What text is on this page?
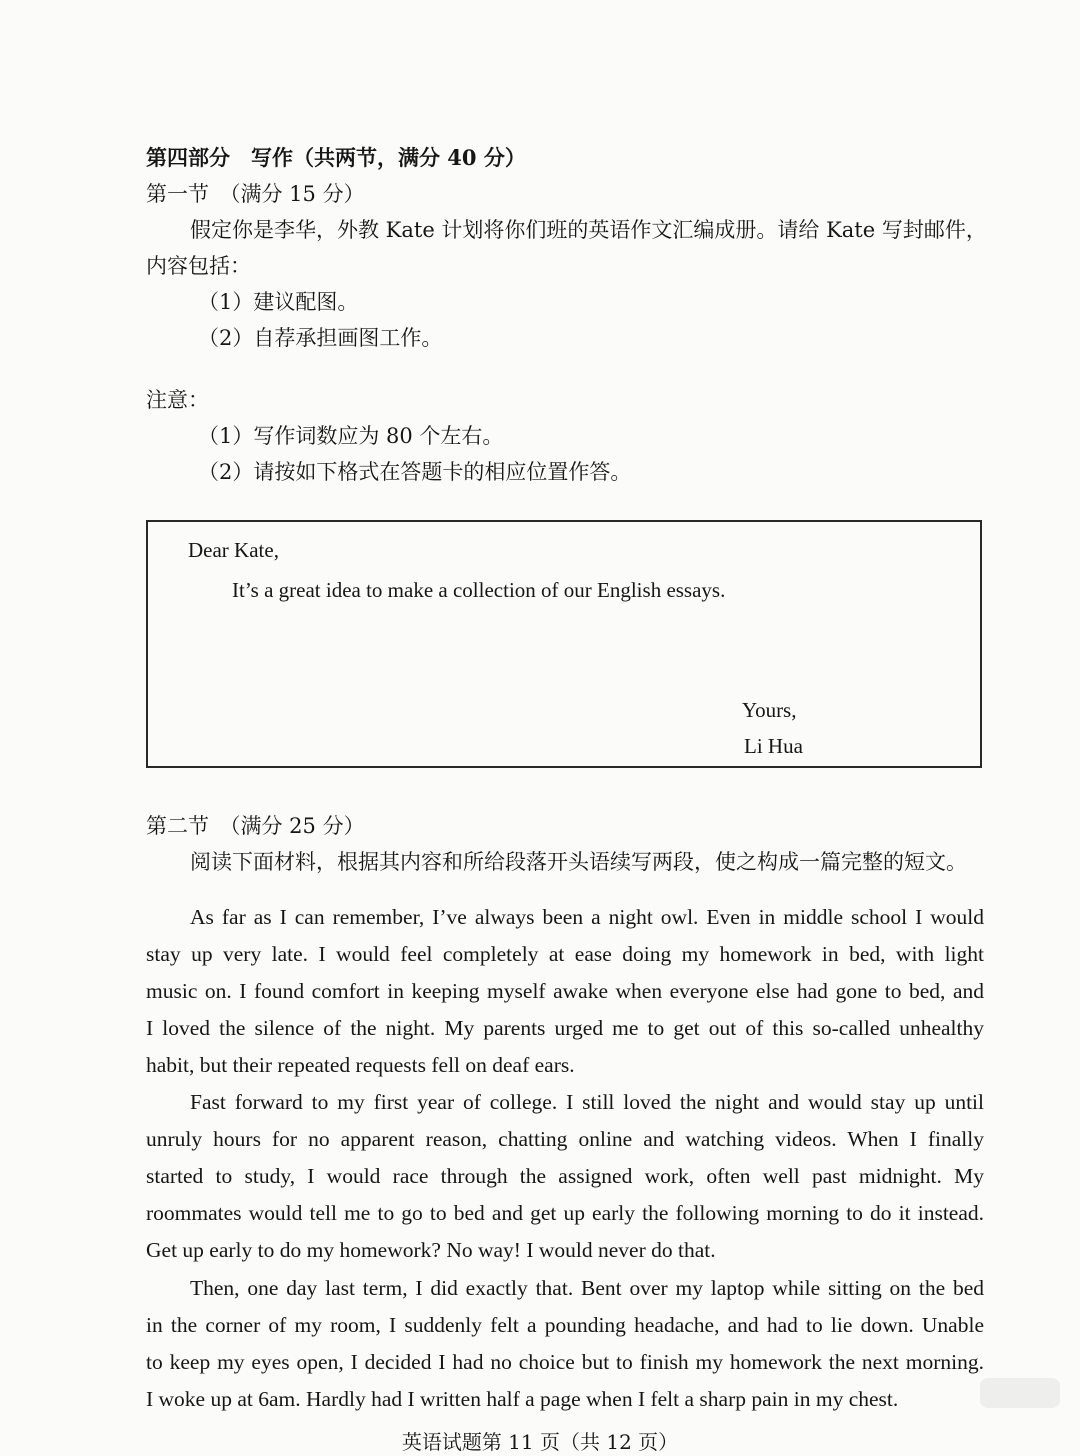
第四部分　写作（共两节，满分 40 分）
第一节　（满分 15 分）
假定你是李华，外教 Kate 计划将你们班的英语作文汇编成册。请给 Kate 写封邮件，
内容包括：
（1）建议配图。
（2）自荐承担画图工作。
注意：
（1）写作词数应为 80 个左右。
（2）请按如下格式在答题卡的相应位置作答。
Dear Kate,
It’s a great idea to make a collection of our English essays.
Yours,
Li Hua
第二节　（满分 25 分）
阅读下面材料，根据其内容和所给段落开头语续写两段，使之构成一篇完整的短文。
As far as I can remember, I’ve always been a night owl. Even in middle school I would
stay up very late. I would feel completely at ease doing my homework in bed, with light
music on. I found comfort in keeping myself awake when everyone else had gone to bed, and
I loved the silence of the night. My parents urged me to get out of this so-called unhealthy
habit, but their repeated requests fell on deaf ears.
Fast forward to my first year of college. I still loved the night and would stay up until
unruly hours for no apparent reason, chatting online and watching videos. When I finally
started to study, I would race through the assigned work, often well past midnight. My
roommates would tell me to go to bed and get up early the following morning to do it instead.
Get up early to do my homework? No way! I would never do that.
Then, one day last term, I did exactly that. Bent over my laptop while sitting on the bed
in the corner of my room, I suddenly felt a pounding headache, and had to lie down. Unable
to keep my eyes open, I decided I had no choice but to finish my homework the next morning.
I woke up at 6am. Hardly had I written half a page when I felt a sharp pain in my chest.
英语试题第 11 页（共 12 页）
